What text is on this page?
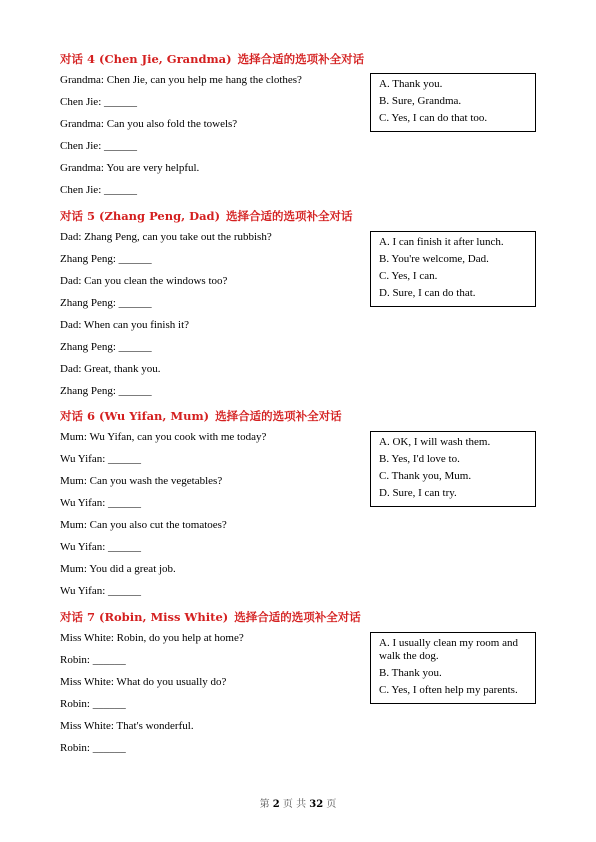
对话 4 (Chen Jie, Grandma) 选择合适的选项补全对话
Grandma: Chen Jie, can you help me hang the clothes?
Chen Jie: ______
Grandma: Can you also fold the towels?
Chen Jie: ______
Grandma: You are very helpful.
Chen Jie: ______
A. Thank you.
B. Sure, Grandma.
C. Yes, I can do that too.
对话 5 (Zhang Peng, Dad) 选择合适的选项补全对话
Dad: Zhang Peng, can you take out the rubbish?
Zhang Peng: ______
Dad: Can you clean the windows too?
Zhang Peng: ______
Dad: When can you finish it?
Zhang Peng: ______
Dad: Great, thank you.
Zhang Peng: ______
A. I can finish it after lunch.
B. You're welcome, Dad.
C. Yes, I can.
D. Sure, I can do that.
对话 6 (Wu Yifan, Mum) 选择合适的选项补全对话
Mum: Wu Yifan, can you cook with me today?
Wu Yifan: ______
Mum: Can you wash the vegetables?
Wu Yifan: ______
Mum: Can you also cut the tomatoes?
Wu Yifan: ______
Mum: You did a great job.
Wu Yifan: ______
A. OK, I will wash them.
B. Yes, I'd love to.
C. Thank you, Mum.
D. Sure, I can try.
对话 7 (Robin, Miss White) 选择合适的选项补全对话
Miss White: Robin, do you help at home?
Robin: ______
Miss White: What do you usually do?
Robin: ______
Miss White: That's wonderful.
Robin: ______
A. I usually clean my room and walk the dog.
B. Thank you.
C. Yes, I often help my parents.
第 2 页 共 32 页
